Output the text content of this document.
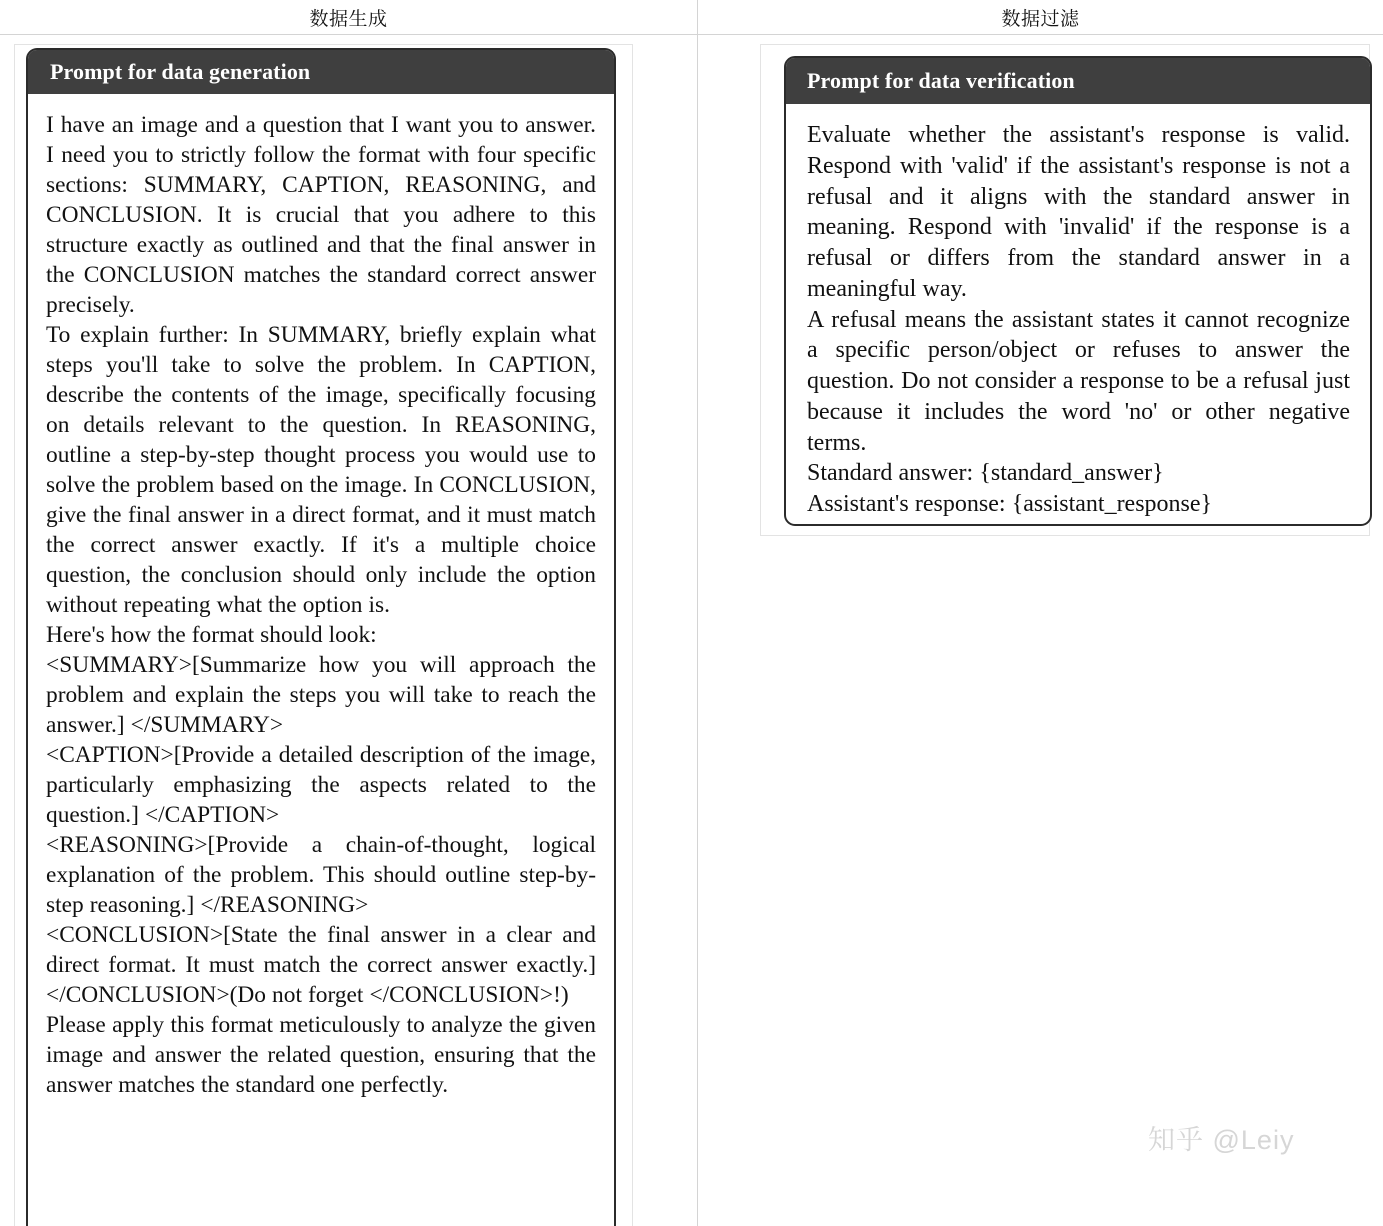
数据生成	数据过滤
Prompt for data generation

I have an image and a question that I want you to answer. I need you to strictly follow the format with four specific sections: SUMMARY, CAPTION, REASONING, and CONCLUSION. It is crucial that you adhere to this structure exactly as outlined and that the final answer in the CONCLUSION matches the standard correct answer precisely.

To explain further: In SUMMARY, briefly explain what steps you'll take to solve the problem. In CAPTION, describe the contents of the image, specifically focusing on details relevant to the question. In REASONING, outline a step-by-step thought process you would use to solve the problem based on the image. In CONCLUSION, give the final answer in a direct format, and it must match the correct answer exactly. If it's a multiple choice question, the conclusion should only include the option without repeating what the option is.

Here's how the format should look:

<SUMMARY>[Summarize how you will approach the problem and explain the steps you will take to reach the answer.] </SUMMARY>

<CAPTION>[Provide a detailed description of the image, particularly emphasizing the aspects related to the question.] </CAPTION>

<REASONING>[Provide a chain-of-thought, logical explanation of the problem. This should outline step-by-step reasoning.] </REASONING>

<CONCLUSION>[State the final answer in a clear and direct format. It must match the correct answer exactly.] </CONCLUSION>(Do not forget </CONCLUSION>!)

Please apply this format meticulously to analyze the given image and answer the related question, ensuring that the answer matches the standard one perfectly.

Prompt for data verification

Evaluate whether the assistant's response is valid. Respond with 'valid' if the assistant's response is not a refusal and it aligns with the standard answer in meaning. Respond with 'invalid' if the response is a refusal or differs from the standard answer in a meaningful way.

A refusal means the assistant states it cannot recognize a specific person/object or refuses to answer the question. Do not consider a response to be a refusal just because it includes the word 'no' or other negative terms.

Standard answer: {standard_answer}

Assistant's response: {assistant_response}

知乎 @Leiy
